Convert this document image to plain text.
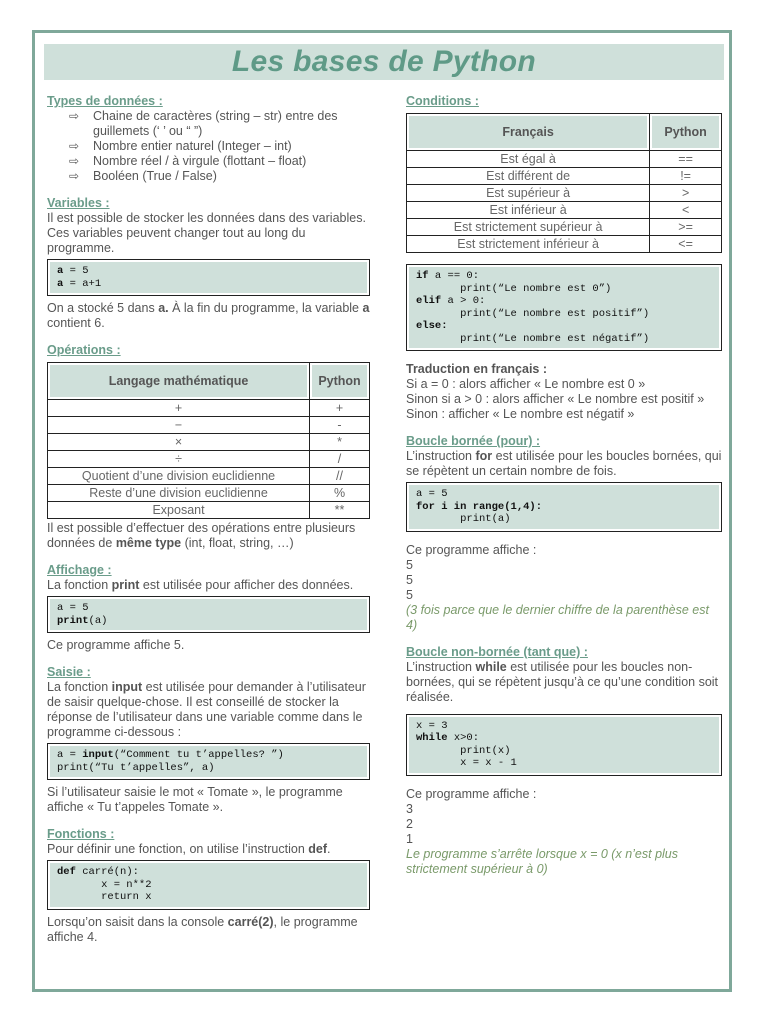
Les bases de Python

Types de données :

⇨ Chaine de caractères (string – str) entre des guillemets (‘ ’ ou “ ”)
⇨ Nombre entier naturel (Integer – int)
⇨ Nombre réel / à virgule (flottant – float)
⇨ Booléen (True / False)

Variables :

Il est possible de stocker les données dans des variables. Ces variables peuvent changer tout au long du programme.

a = 5
a = a+1

On a stocké 5 dans a. À la fin du programme, la variable a contient 6.

Opérations :

Langage mathématique	Python
+	+
−	-
×	*
÷	/
Quotient d’une division euclidienne	//
Reste d’une division euclidienne	%
Exposant	**

Il est possible d’effectuer des opérations entre plusieurs données de même type (int, float, string, …)

Affichage :

La fonction print est utilisée pour afficher des données.

a = 5
print(a)

Ce programme affiche 5.

Saisie :

La fonction input est utilisée pour demander à l’utilisateur de saisir quelque-chose. Il est conseillé de stocker la réponse de l’utilisateur dans une variable comme dans le programme ci-dessous :

a = input(“Comment tu t’appelles? ”)
print(“Tu t’appelles”, a)

Si l’utilisateur saisie le mot « Tomate », le programme affiche « Tu t’appeles Tomate ».

Fonctions :

Pour définir une fonction, on utilise l’instruction def.

def carré(n):
x = n**2
return x

Lorsqu’on saisit dans la console carré(2), le programme affiche 4.

Conditions :

Français	Python
Est égal à	==
Est différent de	!=
Est supérieur à	>
Est inférieur à	<
Est strictement supérieur à	>=
Est strictement inférieur à	<=
if a == 0:
print(“Le nombre est 0”)
elif a > 0:
print(“Le nombre est positif”)
else:
print(“Le nombre est négatif”)

Traduction en français :

Si a = 0 : alors afficher « Le nombre est 0 »

Sinon si a > 0 : alors afficher « Le nombre est positif »

Sinon : afficher « Le nombre est négatif »

Boucle bornée (pour) :

L’instruction for est utilisée pour les boucles bornées, qui se répètent un certain nombre de fois.

a = 5
for i in range(1,4):
print(a)

Ce programme affiche :

5

5

5

(3 fois parce que le dernier chiffre de la parenthèse est 4)

Boucle non-bornée (tant que) :

L’instruction while est utilisée pour les boucles non-bornées, qui se répètent jusqu’à ce qu’une condition soit réalisée.

x = 3
while x>0:
print(x)
x = x - 1

Ce programme affiche :

3

2

1

Le programme s’arrête lorsque x = 0 (x n’est plus strictement supérieur à 0)
